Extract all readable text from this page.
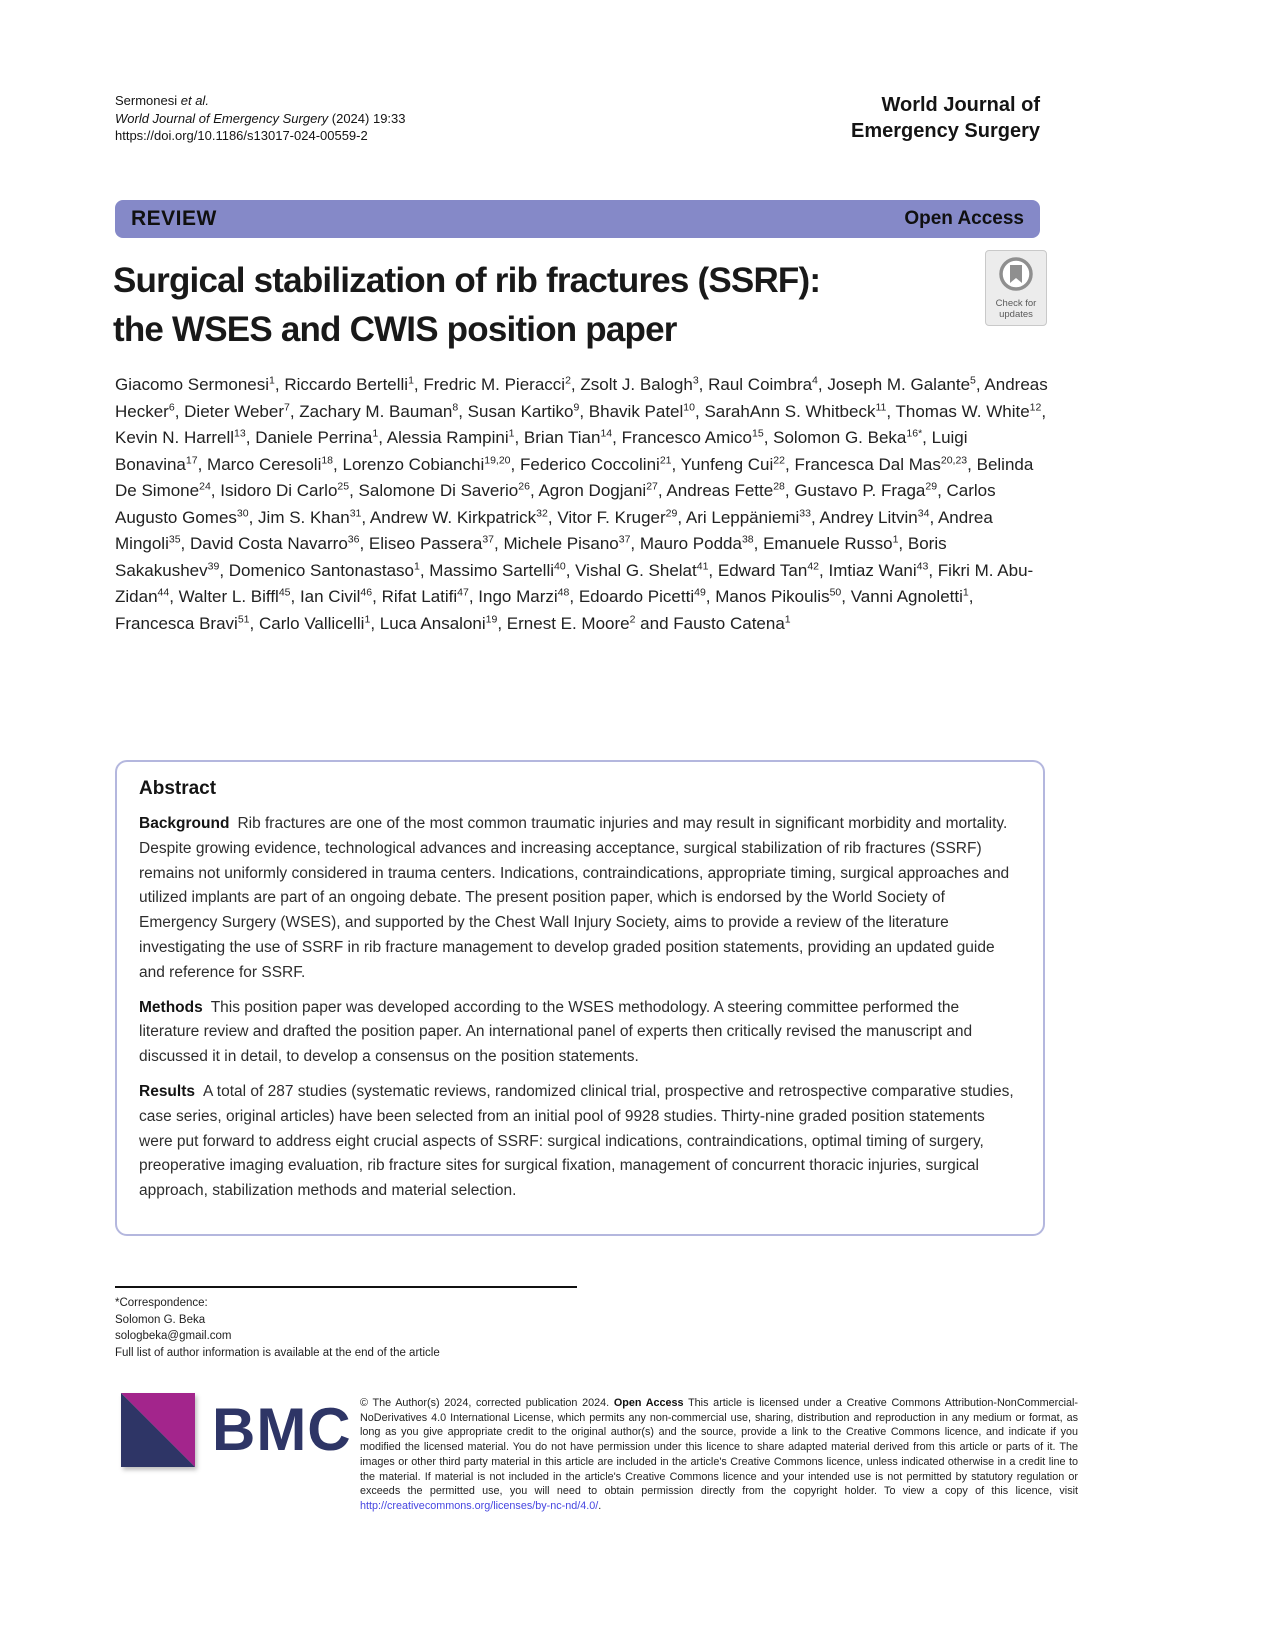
Sermonesi et al.
World Journal of Emergency Surgery (2024) 19:33
https://doi.org/10.1186/s13017-024-00559-2
World Journal of
Emergency Surgery
REVIEW	Open Access
Check for
updates
Surgical stabilization of rib fractures (SSRF):
the WSES and CWIS position paper
Giacomo Sermonesi$^1$, Riccardo Bertelli$^1$, Fredric M. Pieracci$^2$, Zsolt J. Balogh$^3$, Raul Coimbra$^4$, Joseph M. Galante$^5$, Andreas Hecker$^6$, Dieter Weber$^7$, Zachary M. Bauman$^8$, Susan Kartiko$^9$, Bhavik Patel$^{10}$, SarahAnn S. Whitbeck$^{11}$, Thomas W. White$^{12}$, Kevin N. Harrell$^{13}$, Daniele Perrina$^1$, Alessia Rampini$^1$, Brian Tian$^{14}$, Francesco Amico$^{15}$, Solomon G. Beka$^{16*}$, Luigi Bonavina$^{17}$, Marco Ceresoli$^{18}$, Lorenzo Cobianchi$^{19,20}$, Federico Coccolini$^{21}$, Yunfeng Cui$^{22}$, Francesca Dal Mas$^{20,23}$, Belinda De Simone$^{24}$, Isidoro Di Carlo$^{25}$, Salomone Di Saverio$^{26}$, Agron Dogjani$^{27}$, Andreas Fette$^{28}$, Gustavo P. Fraga$^{29}$, Carlos Augusto Gomes$^{30}$, Jim S. Khan$^{31}$, Andrew W. Kirkpatrick$^{32}$, Vitor F. Kruger$^{29}$, Ari Leppäniemi$^{33}$, Andrey Litvin$^{34}$, Andrea Mingoli$^{35}$, David Costa Navarro$^{36}$, Eliseo Passera$^{37}$, Michele Pisano$^{37}$, Mauro Podda$^{38}$, Emanuele Russo$^1$, Boris Sakakushev$^{39}$, Domenico Santonastaso$^1$, Massimo Sartelli$^{40}$, Vishal G. Shelat$^{41}$, Edward Tan$^{42}$, Imtiaz Wani$^{43}$, Fikri M. Abu-Zidan$^{44}$, Walter L. Biffl$^{45}$, Ian Civil$^{46}$, Rifat Latifi$^{47}$, Ingo Marzi$^{48}$, Edoardo Picetti$^{49}$, Manos Pikoulis$^{50}$, Vanni Agnoletti$^1$, Francesca Bravi$^{51}$, Carlo Vallicelli$^1$, Luca Ansaloni$^{19}$, Ernest E. Moore$^2$ and Fausto Catena$^1$
Abstract

Background Rib fractures are one of the most common traumatic injuries and may result in significant morbidity and mortality. Despite growing evidence, technological advances and increasing acceptance, surgical stabilization of rib fractures (SSRF) remains not uniformly considered in trauma centers. Indications, contraindications, appropriate timing, surgical approaches and utilized implants are part of an ongoing debate. The present position paper, which is endorsed by the World Society of Emergency Surgery (WSES), and supported by the Chest Wall Injury Society, aims to provide a review of the literature investigating the use of SSRF in rib fracture management to develop graded position statements, providing an updated guide and reference for SSRF.

Methods This position paper was developed according to the WSES methodology. A steering committee performed the literature review and drafted the position paper. An international panel of experts then critically revised the manuscript and discussed it in detail, to develop a consensus on the position statements.

Results A total of 287 studies (systematic reviews, randomized clinical trial, prospective and retrospective comparative studies, case series, original articles) have been selected from an initial pool of 9928 studies. Thirty-nine graded position statements were put forward to address eight crucial aspects of SSRF: surgical indications, contraindications, optimal timing of surgery, preoperative imaging evaluation, rib fracture sites for surgical fixation, management of concurrent thoracic injuries, surgical approach, stabilization methods and material selection.

*Correspondence:
Solomon G. Beka
sologbeka@gmail.com
Full list of author information is available at the end of the article
BMC © The Author(s) 2024, corrected publication 2024. Open Access This article is licensed under a Creative Commons Attribution-NonCommercial-NoDerivatives 4.0 International License, which permits any non-commercial use, sharing, distribution and reproduction in any medium or format, as long as you give appropriate credit to the original author(s) and the source, provide a link to the Creative Commons licence, and indicate if you modified the licensed material. You do not have permission under this licence to share adapted material derived from this article or parts of it. The images or other third party material in this article are included in the article's Creative Commons licence, unless indicated otherwise in a credit line to the material. If material is not included in the article's Creative Commons licence and your intended use is not permitted by statutory regulation or exceeds the permitted use, you will need to obtain permission directly from the copyright holder. To view a copy of this licence, visit http://creativecommons.org/licenses/by-nc-nd/4.0/.
